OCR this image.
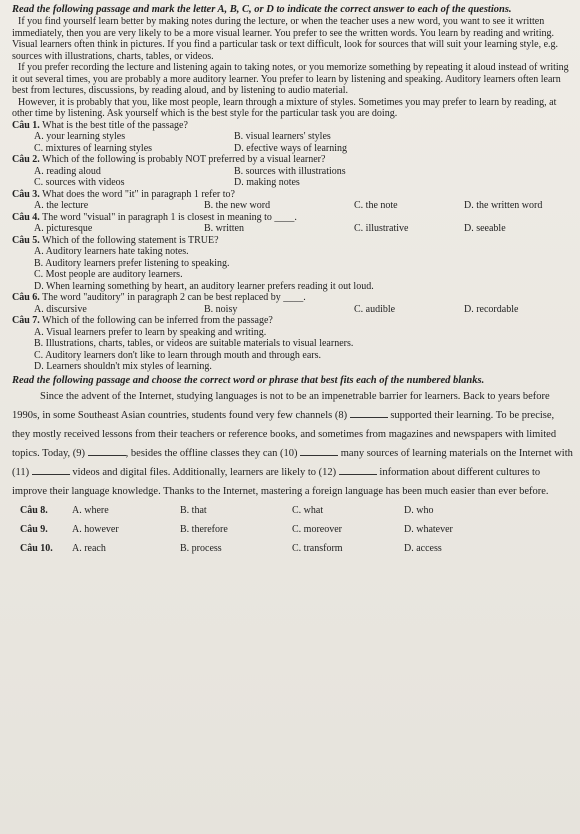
Read the following passage and mark the letter A, B, C, or D to indicate the correct answer to each of the questions.

If you find yourself learn better by making notes during the lecture, or when the teacher uses a new word, you want to see it written immediately, then you are very likely to be a more visual learner. You prefer to see the written words. You learn by reading and writing. Visual learners often think in pictures. If you find a particular task or text difficult, look for sources that will suit your learning style, e.g. sources with illustrations, charts, tables, or videos.

If you prefer recording the lecture and listening again to taking notes, or you memorize something by repeating it aloud instead of writing it out several times, you are probably a more auditory learner. You prefer to learn by listening and speaking. Auditory learners often learn best from lectures, discussions, by reading aloud, and by listening to audio material.

However, it is probably that you, like most people, learn through a mixture of styles. Sometimes you may prefer to learn by reading, at other time by listening. Ask yourself which is the best style for the particular task you are doing.

Câu 1. What is the best title of the passage?

A. your learning styles	B. visual learners' styles
C. mixtures of learning styles	D. efective ways of learning

Câu 2. Which of the following is probably NOT preferred by a visual learner?

A. reading aloud	B. sources with illustrations
C. sources with videos	D. making notes

Câu 3. What does the word "it" in paragraph 1 refer to?

A. the lecture	B. the new word	C. the note	D. the written word

Câu 4. The word "visual" in paragraph 1 is closest in meaning to ____.

A. picturesque	B. written	C. illustrative	D. seeable

Câu 5. Which of the following statement is TRUE?

A. Auditory learners hate taking notes.
B. Auditory learners prefer listening to speaking.
C. Most people are auditory learners.
D. When learning something by heart, an auditory learner prefers reading it out loud.

Câu 6. The word "auditory" in paragraph 2 can be best replaced by ____.

A. discursive	B. noisy	C. audible	D. recordable

Câu 7. Which of the following can be inferred from the passage?

A. Visual learners prefer to learn by speaking and writing.
B. Illustrations, charts, tables, or videos are suitable materials to visual learners.
C. Auditory learners don't like to learn through mouth and through ears.
D. Learners shouldn't mix styles of learning.

Read the following passage and choose the correct word or phrase that best fits each of the numbered blanks.

Since the advent of the Internet, studying languages is not to be an impenetrable barrier for learners. Back to years before 1990s, in some Southeast Asian countries, students found very few channels (8)	supported their learning. To be precise, they mostly received lessons from their teachers or reference books, and sometimes from magazines and newspapers with limited topics. Today, (9)	, besides the offline classes they can (10)	many sources of learning materials on the Internet with (11)	videos and digital files. Additionally, learners are likely to (12)	information about different cultures to improve their language knowledge. Thanks to the Internet, mastering a foreign language has been much easier than ever before.

Câu 8.	A. where	B. that	C. what	D. who
Câu 9.	A. however	B. therefore	C. moreover	D. whatever
Câu 10.	A. reach	B. process	C. transform	D. access
